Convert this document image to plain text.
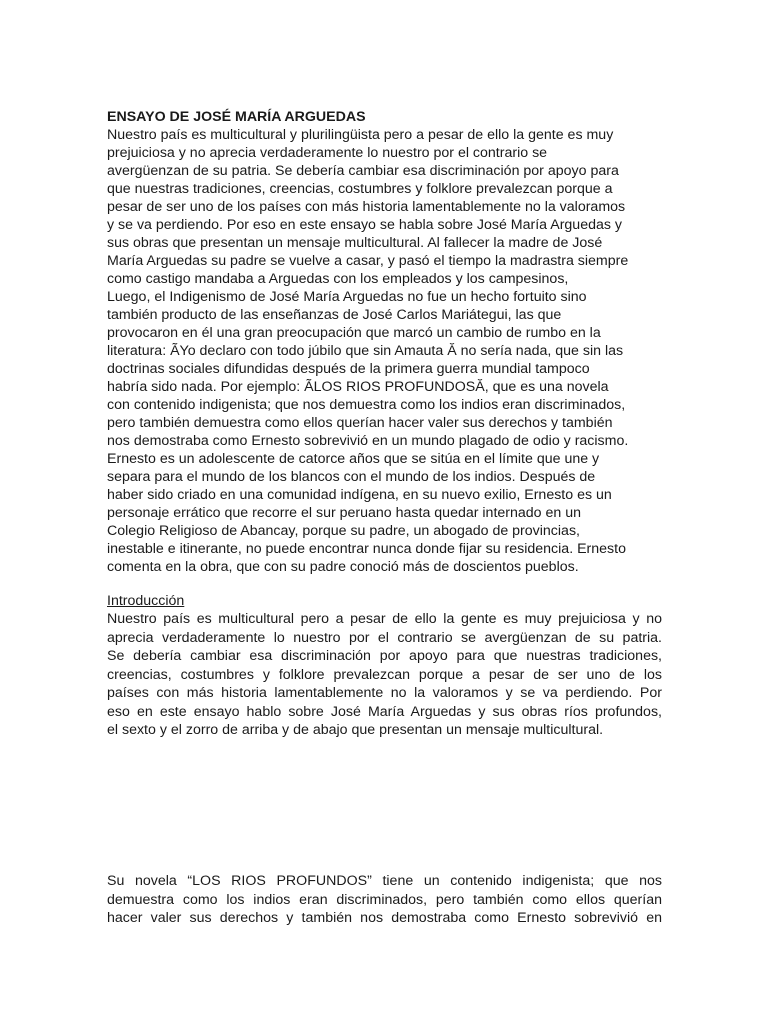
ENSAYO DE JOSÉ MARÍA ARGUEDAS
Nuestro país es multicultural y plurilingüista pero a pesar de ello la gente es muy
prejuiciosa y no aprecia verdaderamente lo nuestro por el contrario se
avergüenzan de su patria. Se debería cambiar esa discriminación por apoyo para
que nuestras tradiciones, creencias, costumbres y folklore prevalezcan porque a
pesar de ser uno de los países con más historia lamentablemente no la valoramos
y se va perdiendo. Por eso en este ensayo se habla sobre José María Arguedas y
sus obras que presentan un mensaje multicultural. Al fallecer la madre de José
María Arguedas su padre se vuelve a casar, y pasó el tiempo la madrastra siempre
como castigo mandaba a Arguedas con los empleados y los campesinos,
Luego, el Indigenismo de José María Arguedas no fue un hecho fortuito sino
también producto de las enseñanzas de José Carlos Mariátegui, las que
provocaron en él una gran preocupación que marcó un cambio de rumbo en la
literatura: ÃYo declaro con todo júbilo que sin Amauta Ă no sería nada, que sin las
doctrinas sociales difundidas después de la primera guerra mundial tampoco
habría sido nada. Por ejemplo: ÃLOS RIOS PROFUNDOSĂ, que es una novela
con contenido indigenista; que nos demuestra como los indios eran discriminados,
pero también demuestra como ellos querían hacer valer sus derechos y también
nos demostraba como Ernesto sobrevivió en un mundo plagado de odio y racismo.
Ernesto es un adolescente de catorce años que se sitúa en el límite que une y
separa para el mundo de los blancos con el mundo de los indios. Después de
haber sido criado en una comunidad indígena, en su nuevo exilio, Ernesto es un
personaje errático que recorre el sur peruano hasta quedar internado en un
Colegio Religioso de Abancay, porque su padre, un abogado de provincias,
inestable e itinerante, no puede encontrar nunca donde fijar su residencia. Ernesto
comenta en la obra, que con su padre conoció más de doscientos pueblos.
Introducción
Nuestro país es multicultural pero a pesar de ello la gente es muy prejuiciosa y no
aprecia verdaderamente lo nuestro por el contrario se avergüenzan de su patria.
Se debería cambiar esa discriminación por apoyo para que nuestras tradiciones,
creencias, costumbres y folklore prevalezcan porque a pesar de ser uno de los
países con más historia lamentablemente no la valoramos y se va perdiendo. Por
eso en este ensayo hablo sobre José María Arguedas y sus obras ríos profundos,
el sexto y el zorro de arriba y de abajo que presentan un mensaje multicultural.
Su novela “LOS RIOS PROFUNDOS” tiene un contenido indigenista; que nos
demuestra como los indios eran discriminados, pero también como ellos querían
hacer valer sus derechos y también nos demostraba como Ernesto sobrevivió en
